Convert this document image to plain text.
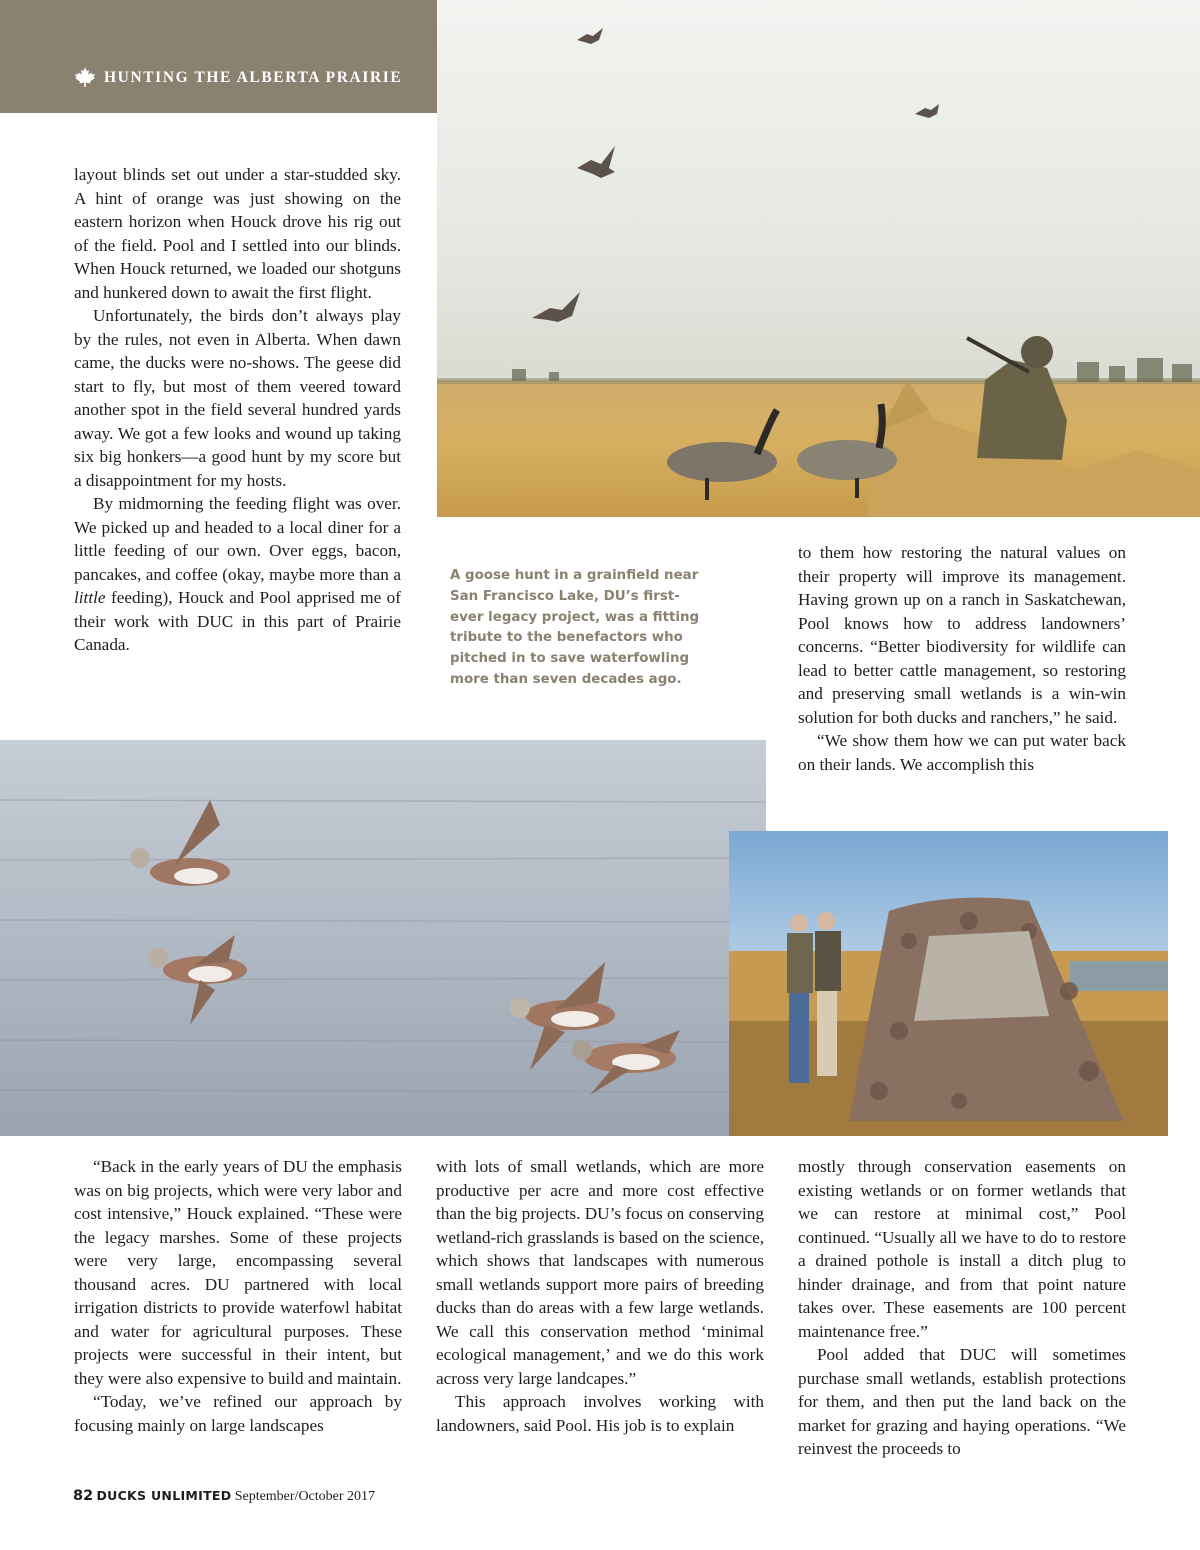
HUNTING THE ALBERTA PRAIRIE

layout blinds set out under a star-studded sky. A hint of orange was just showing on the eastern horizon when Houck drove his rig out of the field. Pool and I settled into our blinds. When Houck returned, we loaded our shotguns and hunkered down to await the first flight.

Unfortunately, the birds don’t always play by the rules, not even in Alberta. When dawn came, the ducks were no-shows. The geese did start to fly, but most of them veered toward another spot in the field several hundred yards away. We got a few looks and wound up taking six big honkers—a good hunt by my score but a disappointment for my hosts.

By midmorning the feeding flight was over. We picked up and headed to a local diner for a little feeding of our own. Over eggs, bacon, pancakes, and coffee (okay, maybe more than a little feeding), Houck and Pool apprised me of their work with DUC in this part of Prairie Canada.

A goose hunt in a grainfield near San Francisco Lake, DU’s first-ever legacy project, was a fitting tribute to the benefactors who pitched in to save waterfowling more than seven decades ago.

to them how restoring the natural values on their property will improve its management. Having grown up on a ranch in Saskatchewan, Pool knows how to address landowners’ concerns. “Better biodiversity for wildlife can lead to better cattle management, so restoring and preserving small wetlands is a win-win solution for both ducks and ranchers,” he said.

“We show them how we can put water back on their lands. We accomplish this

“Back in the early years of DU the emphasis was on big projects, which were very labor and cost intensive,” Houck explained. “These were the legacy marshes. Some of these projects were very large, encompassing several thousand acres. DU partnered with local irrigation districts to provide waterfowl habitat and water for agricultural purposes. These projects were successful in their intent, but they were also expensive to build and maintain.

“Today, we’ve refined our approach by focusing mainly on large landscapes

with lots of small wetlands, which are more productive per acre and more cost effective than the big projects. DU’s focus on conserving wetland-rich grasslands is based on the science, which shows that landscapes with numerous small wetlands support more pairs of breeding ducks than do areas with a few large wetlands. We call this conservation method ‘minimal ecological management,’ and we do this work across very large landcapes.”

This approach involves working with landowners, said Pool. His job is to explain

mostly through conservation easements on existing wetlands or on former wetlands that we can restore at minimal cost,” Pool continued. “Usually all we have to do to restore a drained pothole is install a ditch plug to hinder drainage, and from that point nature takes over. These easements are 100 percent maintenance free.”

Pool added that DUC will sometimes purchase small wetlands, establish protections for them, and then put the land back on the market for grazing and haying operations. “We reinvest the proceeds to

82 DUCKS UNLIMITED September/October 2017
